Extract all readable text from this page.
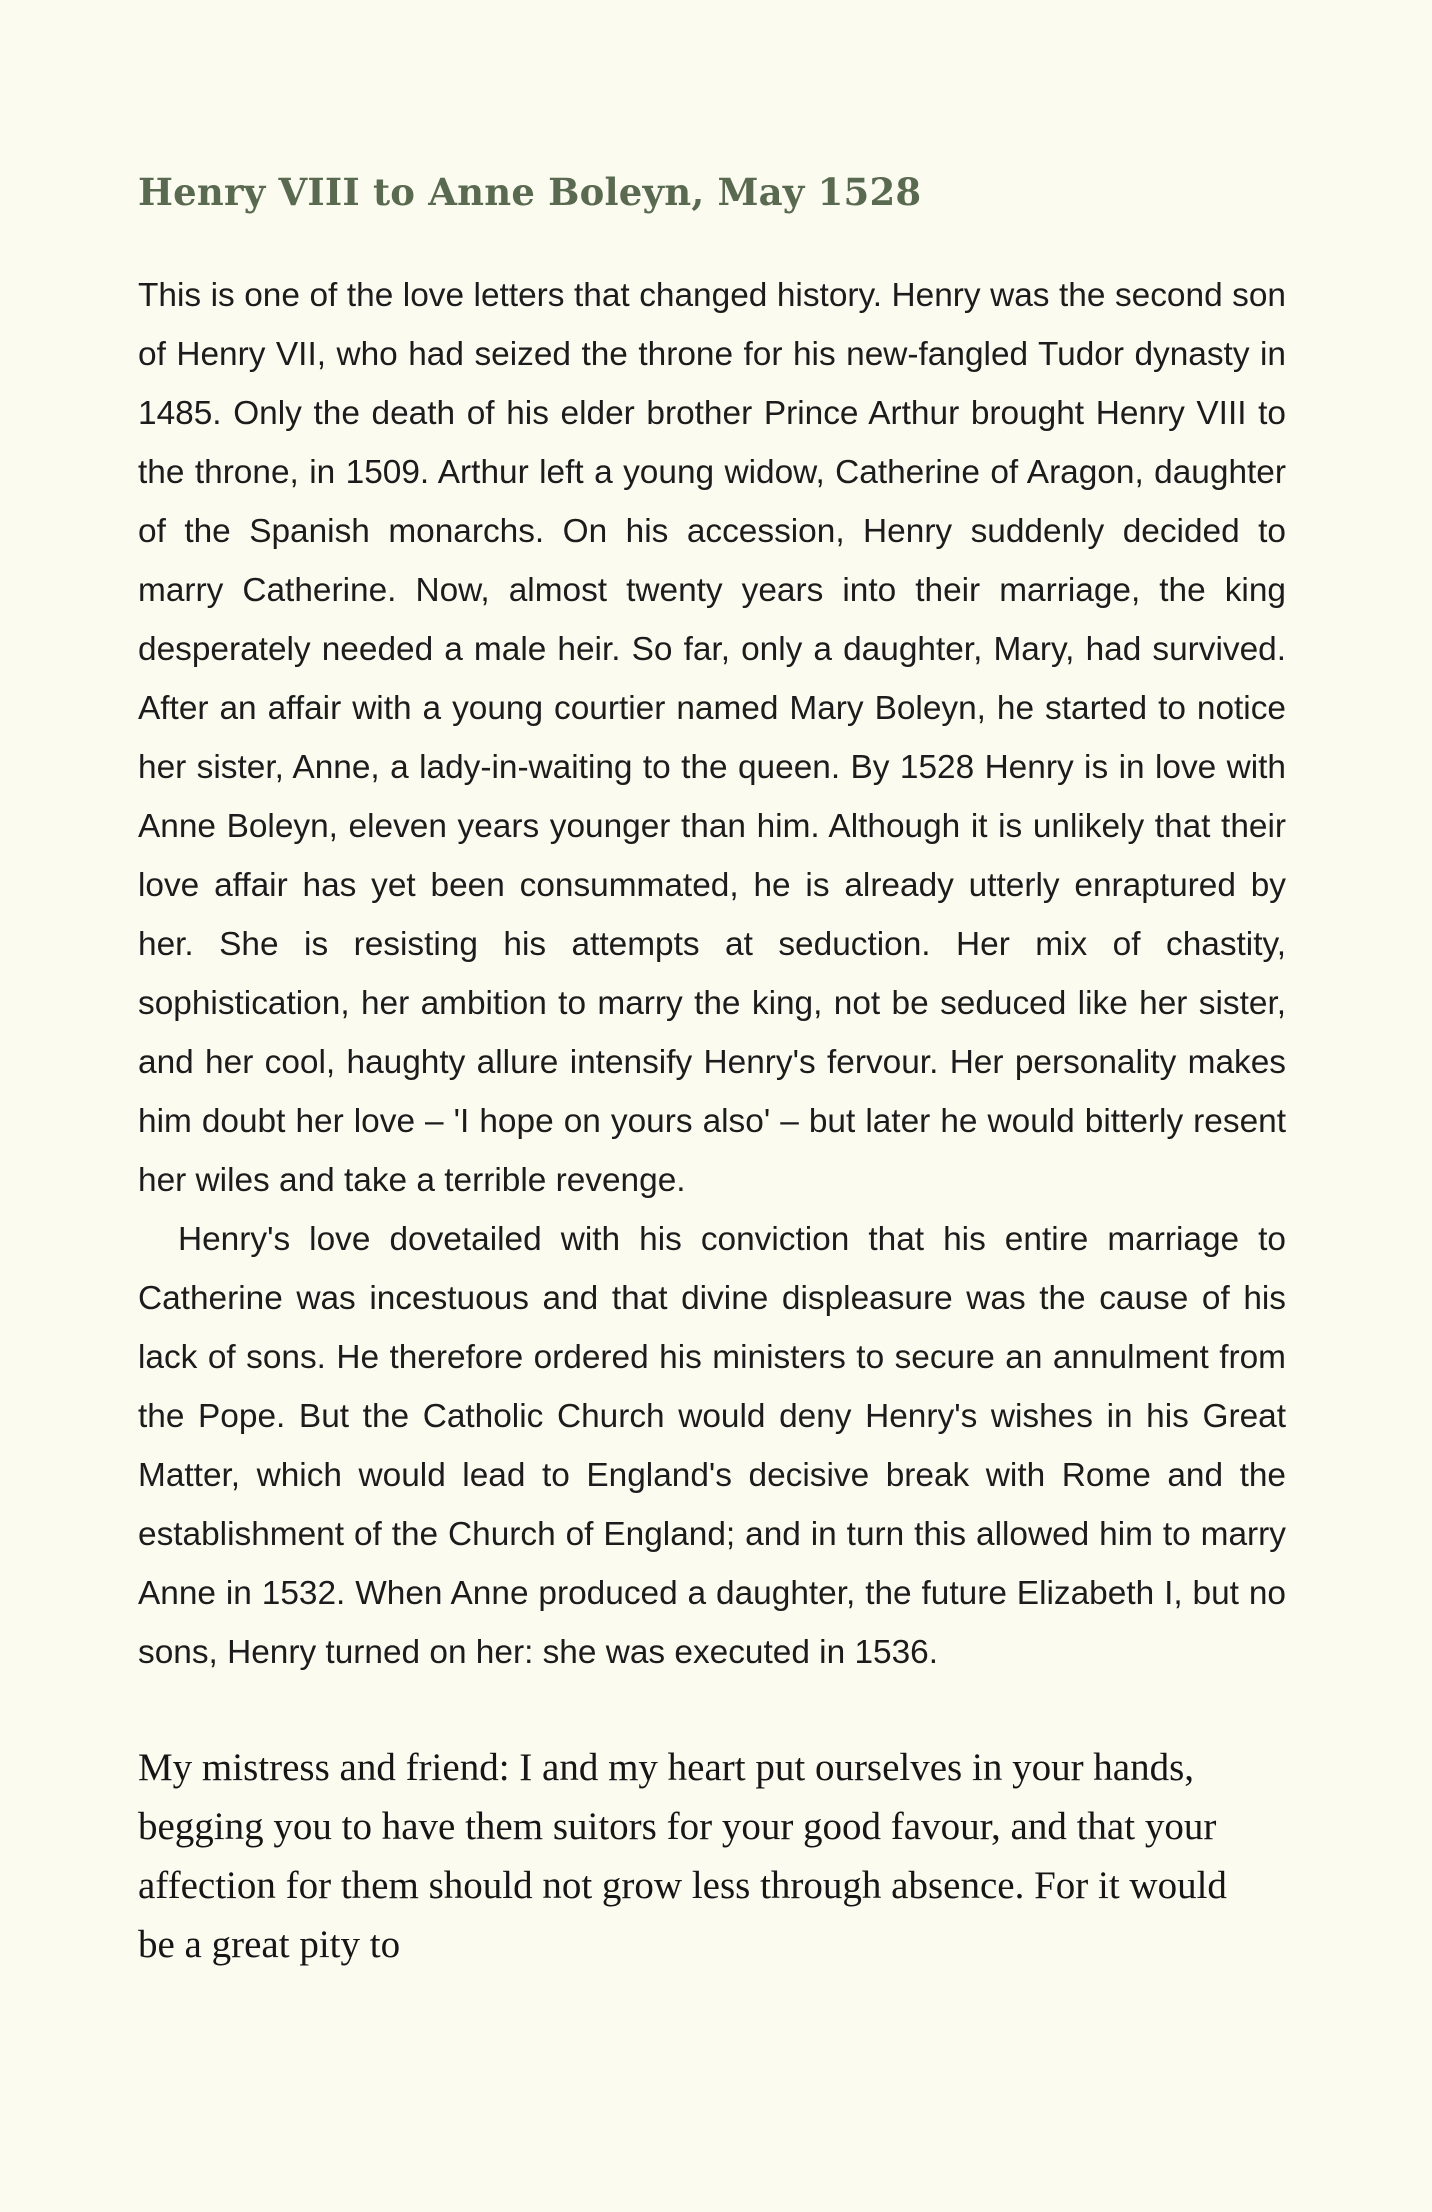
Henry VIII to Anne Boleyn, May 1528

This is one of the love letters that changed history. Henry was the second son of Henry VII, who had seized the throne for his new-fangled Tudor dynasty in 1485. Only the death of his elder brother Prince Arthur brought Henry VIII to the throne, in 1509. Arthur left a young widow, Catherine of Aragon, daughter of the Spanish monarchs. On his accession, Henry suddenly decided to marry Catherine. Now, almost twenty years into their marriage, the king desperately needed a male heir. So far, only a daughter, Mary, had survived. After an affair with a young courtier named Mary Boleyn, he started to notice her sister, Anne, a lady-in-waiting to the queen. By 1528 Henry is in love with Anne Boleyn, eleven years younger than him. Although it is unlikely that their love affair has yet been consummated, he is already utterly enraptured by her. She is resisting his attempts at seduction. Her mix of chastity, sophistication, her ambition to marry the king, not be seduced like her sister, and her cool, haughty allure intensify Henry's fervour. Her personality makes him doubt her love – 'I hope on yours also' – but later he would bitterly resent her wiles and take a terrible revenge.

Henry's love dovetailed with his conviction that his entire marriage to Catherine was incestuous and that divine displeasure was the cause of his lack of sons. He therefore ordered his ministers to secure an annulment from the Pope. But the Catholic Church would deny Henry's wishes in his Great Matter, which would lead to England's decisive break with Rome and the establishment of the Church of England; and in turn this allowed him to marry Anne in 1532. When Anne produced a daughter, the future Elizabeth I, but no sons, Henry turned on her: she was executed in 1536.

My mistress and friend: I and my heart put ourselves in your hands, begging you to have them suitors for your good favour, and that your affection for them should not grow less through absence. For it would be a great pity to
